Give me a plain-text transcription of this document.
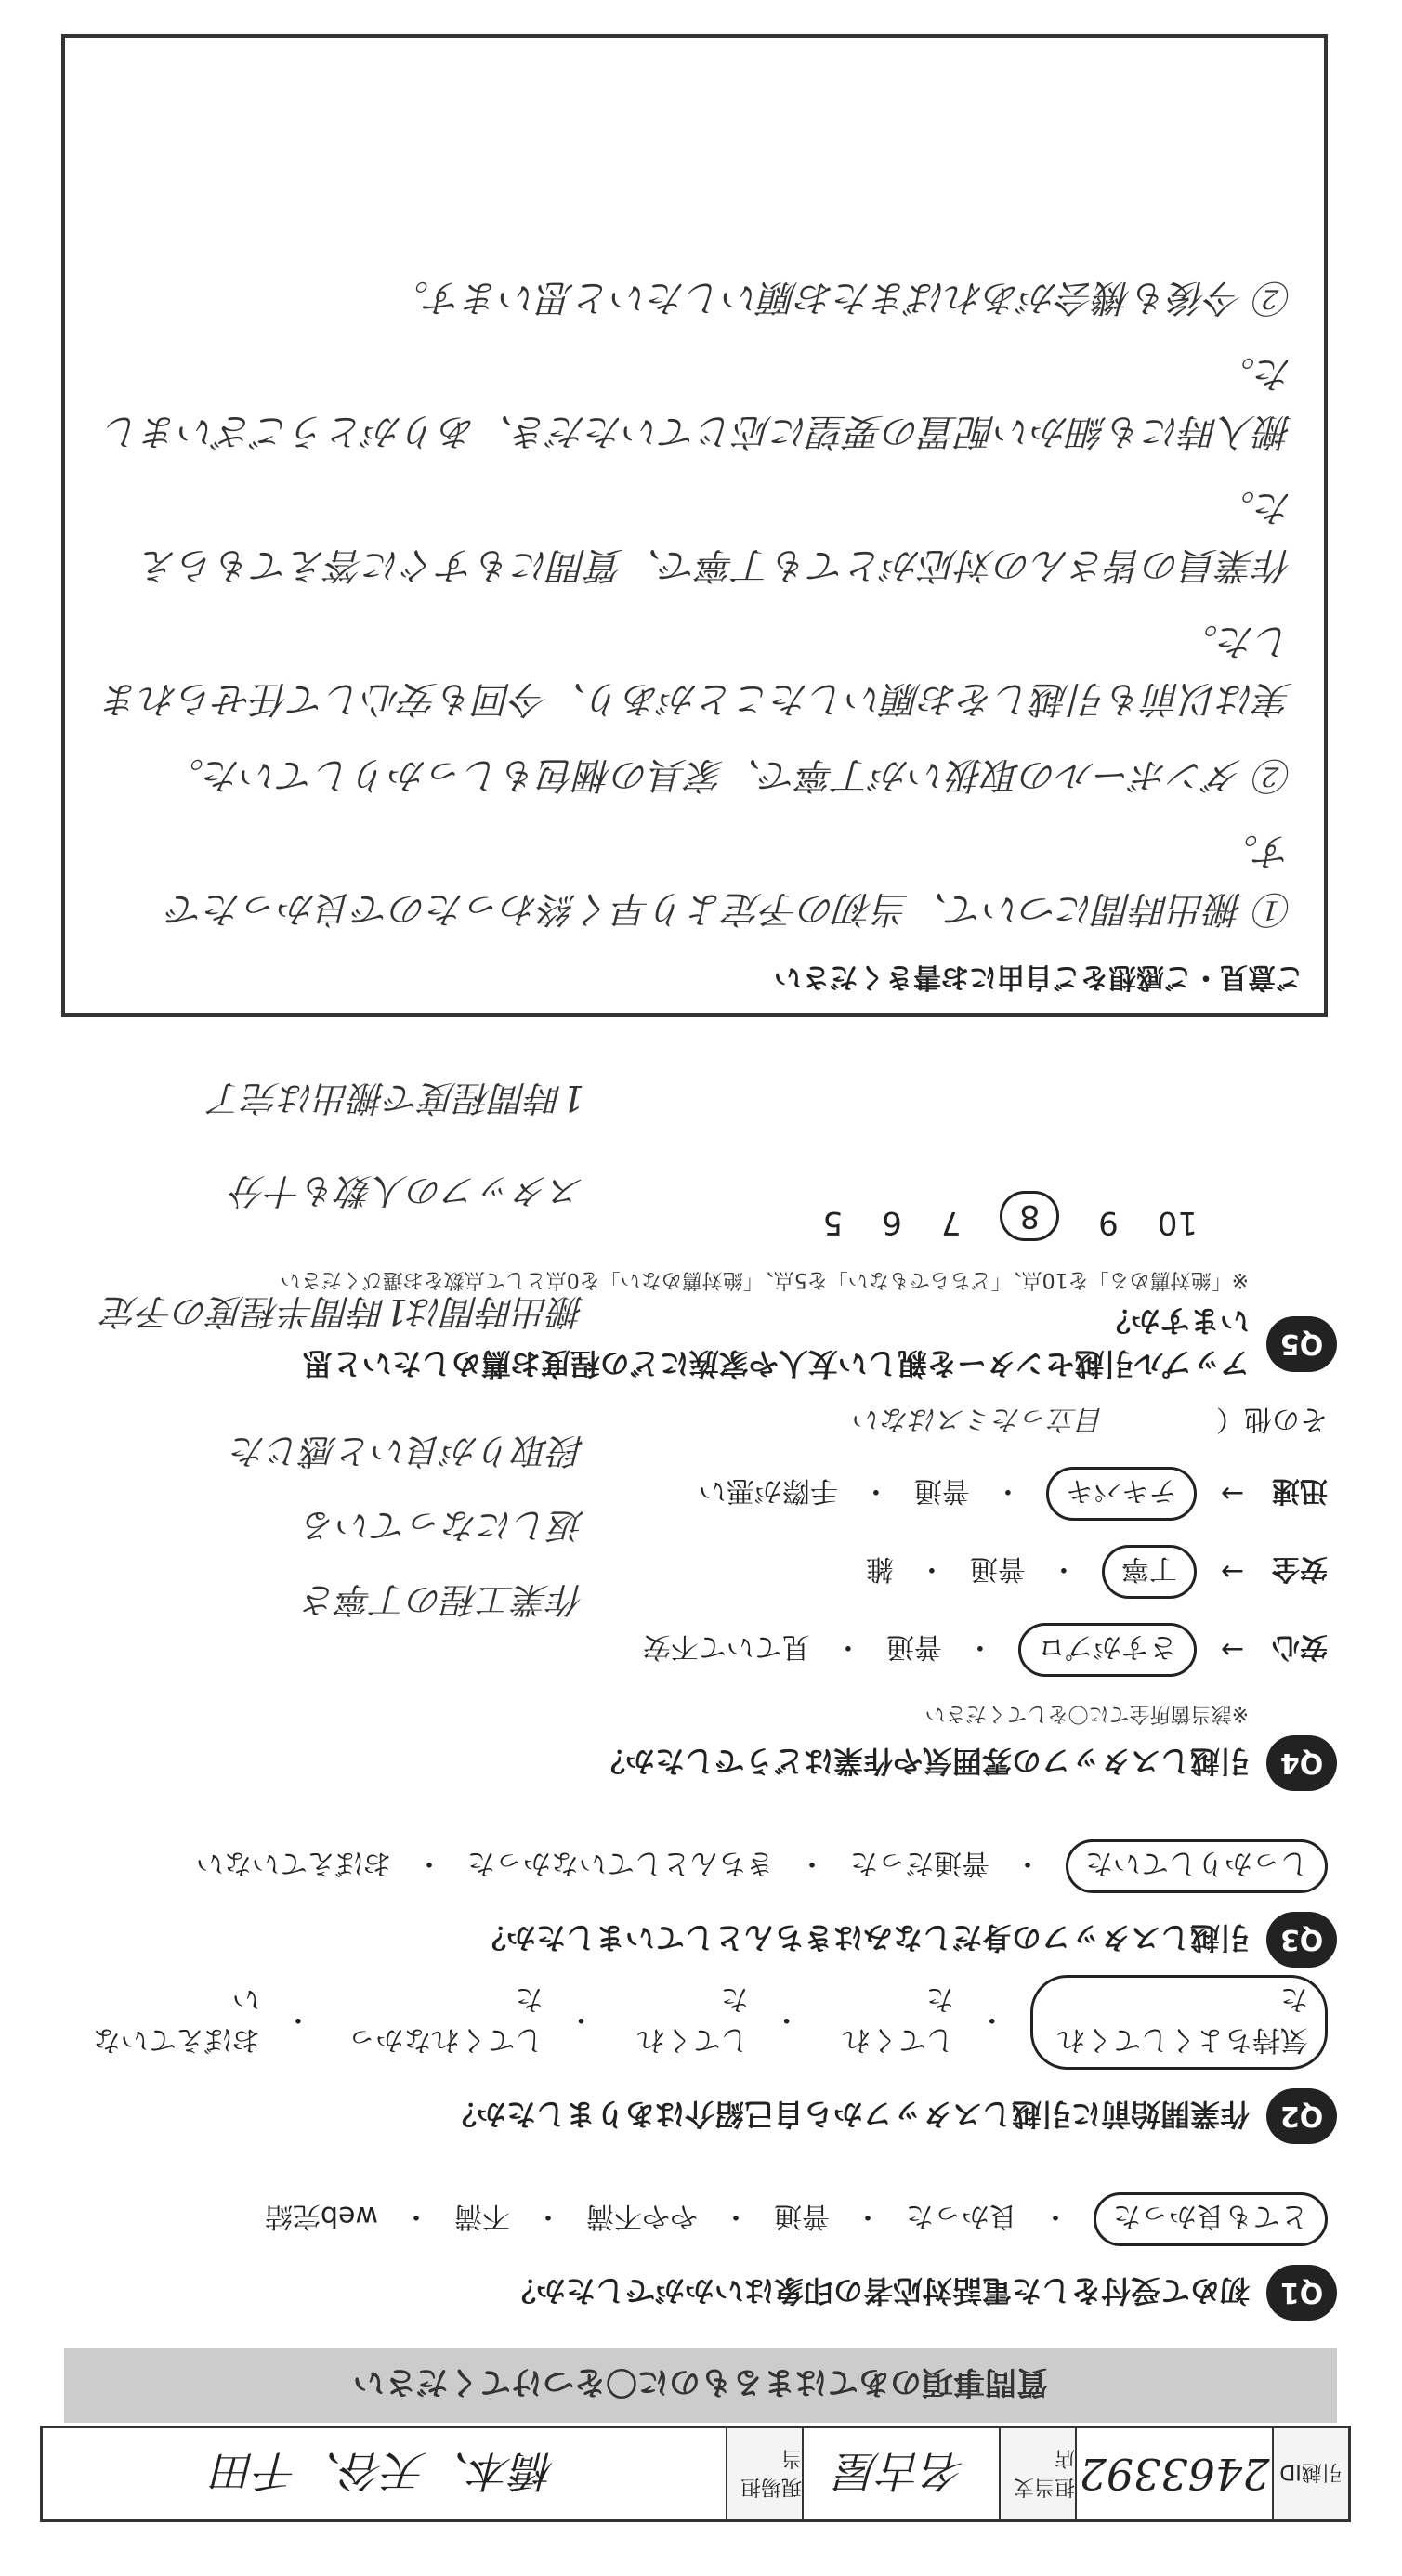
引越ID
2463392
担当支店
名古屋
現場担当
橋本、天谷、千田
質問事項のあてはまるものに〇をつけてください
Q1
初めて受付をした電話対応者の印象はいかがでしたか？
とても良かった
・
良かった
・
普通
・
やや不満
・
不満
・
web完結
Q2
作業開始前に引越しスタッフから自己紹介はありましたか？
気持ちよくしてくれた
・
してくれた
・
してくれた
・
してくれなかった
・
おぼえていない
Q3
引越しスタッフの身だしなみはきちんとしていましたか？
しっかりしていた
・
普通だった
・
きちんとしていなかった
・
おぼえていない
Q4
引越しスタッフの雰囲気や作業はどうでしたか？
※該当箇所全てに〇をしてください
安心
→
さすがプロ
・
普通
・
見ていて不安
安全
→
丁寧
・
普通
・
雑
迅速
→
テキパキ
・
普通
・
手際が悪い
その他（
目立ったミスはない
Q5
アップル引越センターを親しい友人や家族にどの程度お薦めしたいと思いますか？
※「絶対薦める」を10点、「どちらでもない」を5点、「絶対薦めない」を0点として点数をお選びください
10
9
8
7
6
5
作業工程の丁寧さ
返しになっている
段取りが良いと感じた
搬出時間は1時間半程度の予定
スタッフの人数も十分
1時間程度で搬出は完了
ご意見・ご感想をご自由にお書きください
① 搬出時間について、当初の予定より早く終わったので良かったです。
② ダンボールの取扱いが丁寧で、家具の梱包もしっかりしていた。
実は以前も引越しをお願いしたことがあり、今回も安心して任せられました。
作業員の皆さんの対応がとても丁寧で、質問にもすぐに答えてもらえた。
搬入時にも細かい配置の要望に応じていただき、ありがとうございました。
② 今後も機会があればまたお願いしたいと思います。
